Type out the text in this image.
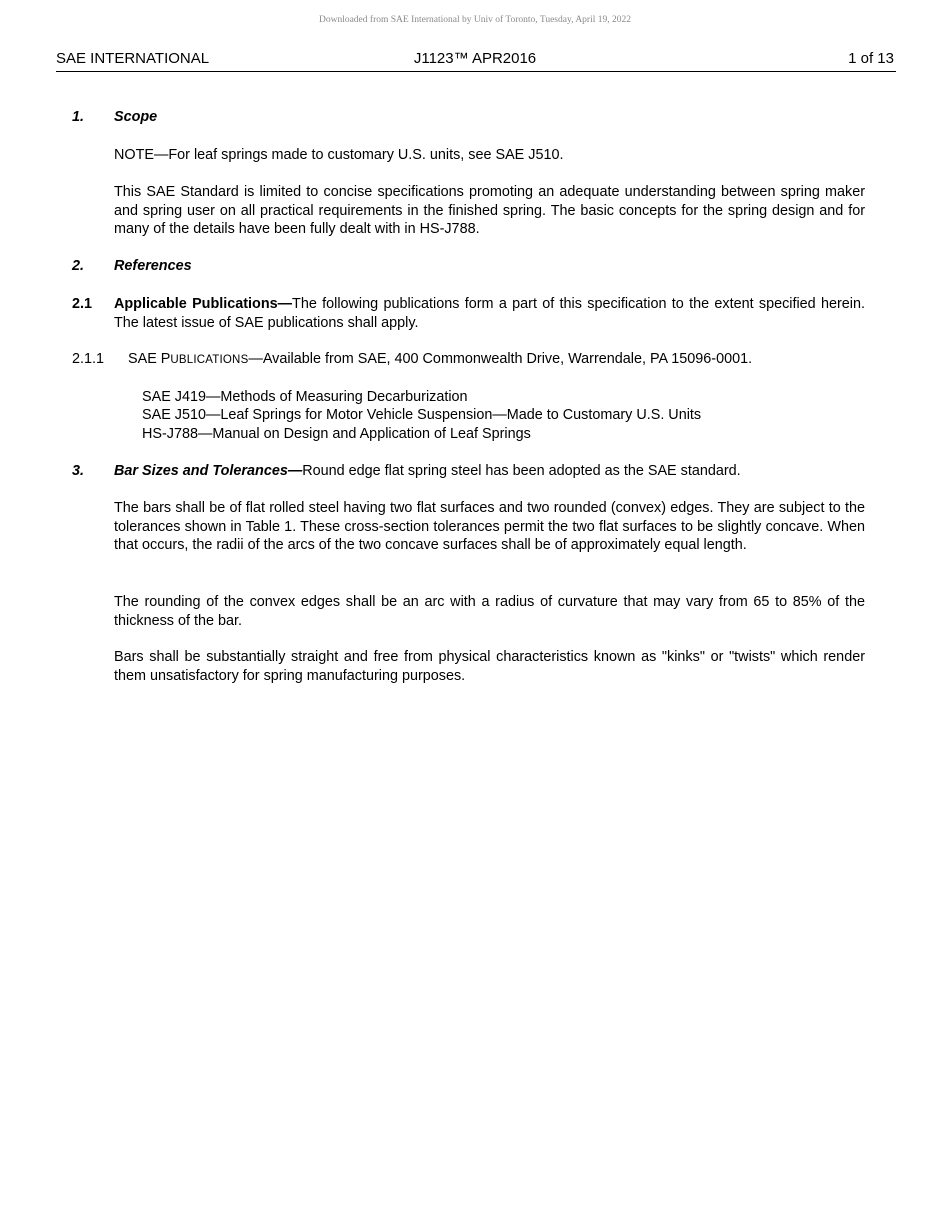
Downloaded from SAE International by Univ of Toronto, Tuesday, April 19, 2022
SAE INTERNATIONAL	J1123™ APR2016	1 of 13
1. Scope

NOTE—For leaf springs made to customary U.S. units, see SAE J510.

This SAE Standard is limited to concise specifications promoting an adequate understanding between spring maker and spring user on all practical requirements in the finished spring. The basic concepts for the spring design and for many of the details have been fully dealt with in HS-J788.

2. References
2.1 Applicable Publications—The following publications form a part of this specification to the extent specified herein. The latest issue of SAE publications shall apply.

2.1.1 SAE PUBLICATIONS—Available from SAE, 400 Commonwealth Drive, Warrendale, PA 15096-0001.

SAE J419—Methods of Measuring Decarburization

SAE J510—Leaf Springs for Motor Vehicle Suspension—Made to Customary U.S. Units

HS-J788—Manual on Design and Application of Leaf Springs

3. Bar Sizes and Tolerances—Round edge flat spring steel has been adopted as the SAE standard.

The bars shall be of flat rolled steel having two flat surfaces and two rounded (convex) edges. They are subject to the tolerances shown in Table 1. These cross-section tolerances permit the two flat surfaces to be slightly concave. When that occurs, the radii of the arcs of the two concave surfaces shall be of approximately equal length.

The rounding of the convex edges shall be an arc with a radius of curvature that may vary from 65 to 85% of the thickness of the bar.

Bars shall be substantially straight and free from physical characteristics known as "kinks" or "twists" which render them unsatisfactory for spring manufacturing purposes.
